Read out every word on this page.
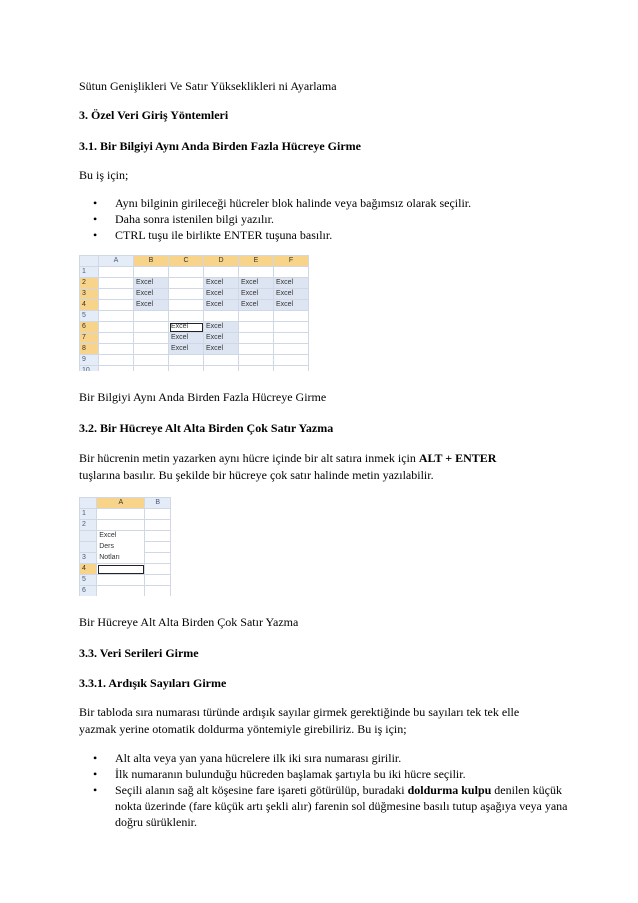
Sütun Genişlikleri Ve Satır Yükseklikleri ni Ayarlama
3. Özel Veri Giriş Yöntemleri
3.1. Bir Bilgiyi Aynı Anda Birden Fazla Hücreye Girme
Bu iş için;
• Aynı bilginin girileceği hücreler blok halinde veya bağımsız olarak seçilir.
• Daha sonra istenilen bilgi yazılır.
• CTRL tuşu ile birlikte ENTER tuşuna basılır.
	A	B	C	D	E	F
1						
2		Excel		Excel	Excel	Excel
3		Excel		Excel	Excel	Excel
4		Excel		Excel	Excel	Excel
5						
6			Excel	Excel		
7			Excel	Excel		
8			Excel	Excel		
9						
10						
Bir Bilgiyi Aynı Anda Birden Fazla Hücreye Girme
3.2. Bir Hücreye Alt Alta Birden Çok Satır Yazma
Bir hücrenin metin yazarken aynı hücre içinde bir alt satıra inmek için ALT + ENTER
tuşlarına basılır. Bu şekilde bir hücreye çok satır halinde metin yazılabilir.
	A	B
1		
2		
	Excel	
	Ders	
3	Notları	
4		
5		
6		
Bir Hücreye Alt Alta Birden Çok Satır Yazma
3.3. Veri Serileri Girme
3.3.1. Ardışık Sayıları Girme
Bir tabloda sıra numarası türünde ardışık sayılar girmek gerektiğinde bu sayıları tek tek elle
yazmak yerine otomatik doldurma yöntemiyle girebiliriz. Bu iş için;
• Alt alta veya yan yana hücrelere ilk iki sıra numarası girilir.
• İlk numaranın bulunduğu hücreden başlamak şartıyla bu iki hücre seçilir.
• Seçili alanın sağ alt köşesine fare işareti götürülüp, buradaki doldurma kulpu denilen küçük nokta üzerinde (fare küçük artı şekli alır) farenin sol düğmesine basılı tutup aşağıya veya yana doğru sürüklenir.
